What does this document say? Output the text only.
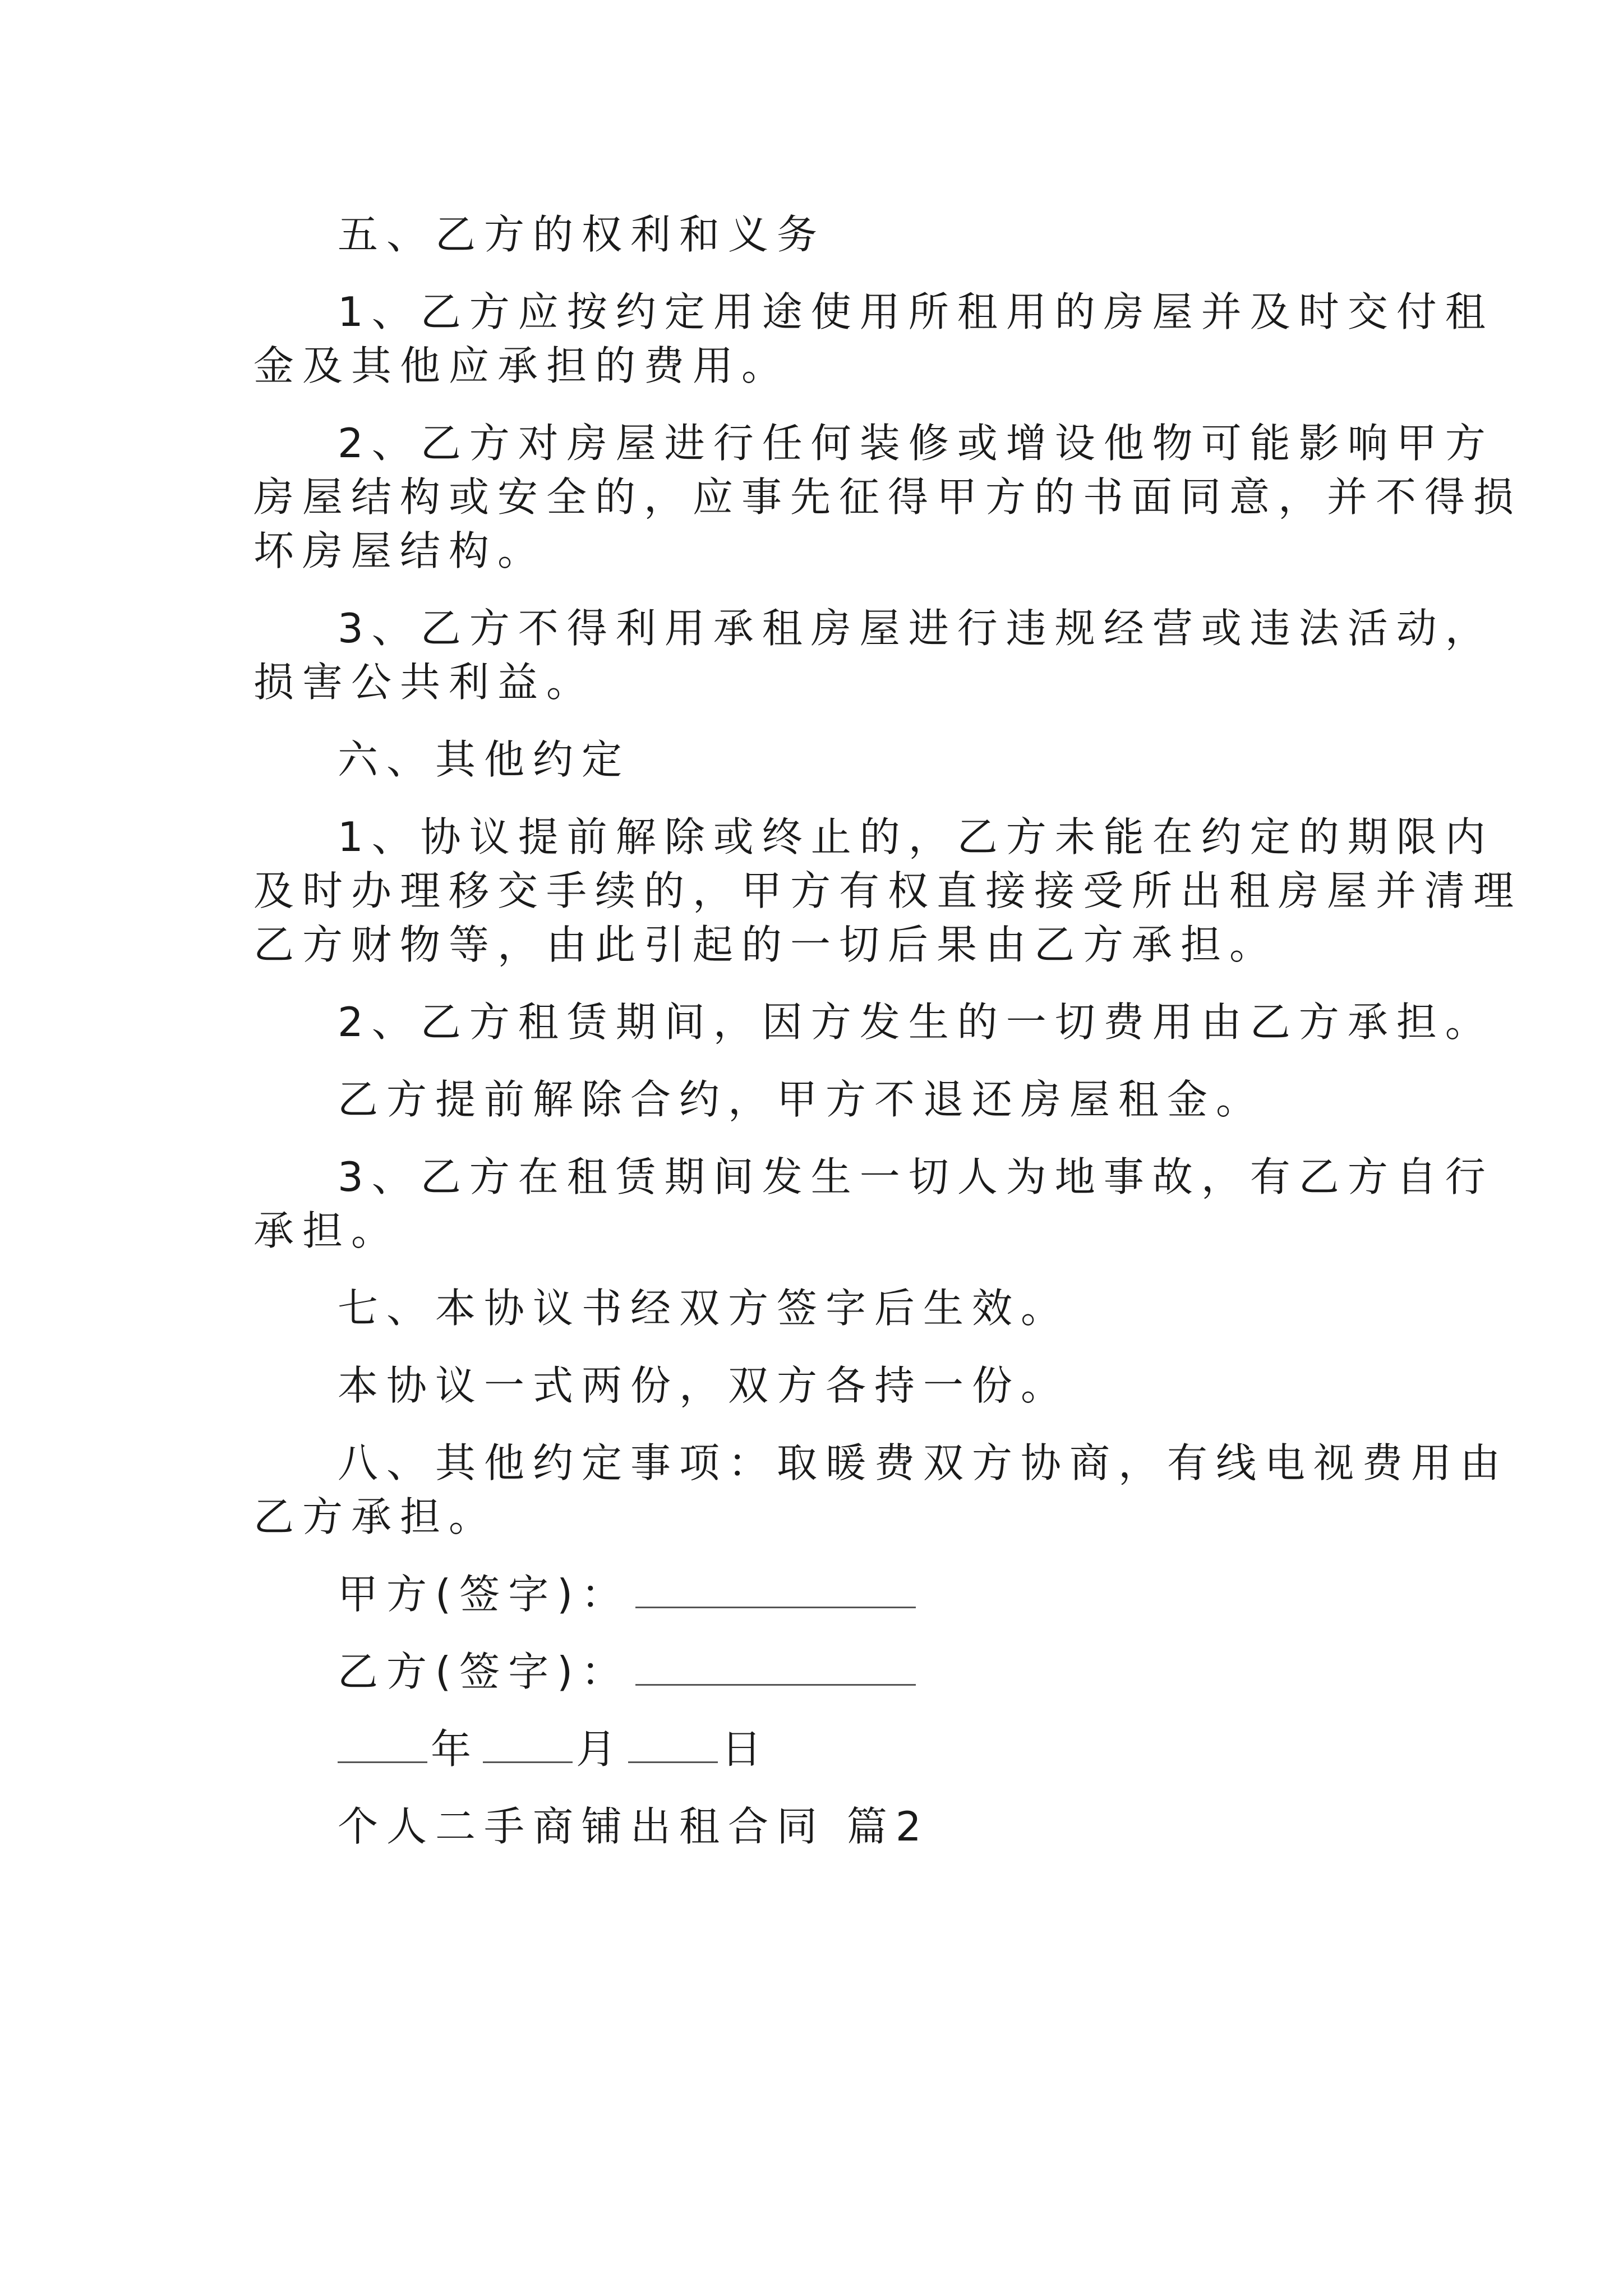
五、乙方的权利和义务

1、乙方应按约定用途使用所租用的房屋并及时交付租

金及其他应承担的费用。

2、乙方对房屋进行任何装修或增设他物可能影响甲方

房屋结构或安全的，应事先征得甲方的书面同意，并不得损

坏房屋结构。

3、乙方不得利用承租房屋进行违规经营或违法活动，

损害公共利益。

六、其他约定

1、协议提前解除或终止的，乙方未能在约定的期限内

及时办理移交手续的，甲方有权直接接受所出租房屋并清理

乙方财物等，由此引起的一切后果由乙方承担。

2、乙方租赁期间，因方发生的一切费用由乙方承担。

乙方提前解除合约，甲方不退还房屋租金。

3、乙方在租赁期间发生一切人为地事故，有乙方自行

承担。

七、本协议书经双方签字后生效。

本协议一式两份，双方各持一份。

八、其他约定事项：取暖费双方协商，有线电视费用由

乙方承担。

甲方(签字)：

乙方(签字)：

年 月 日

个人二手商铺出租合同 篇2
